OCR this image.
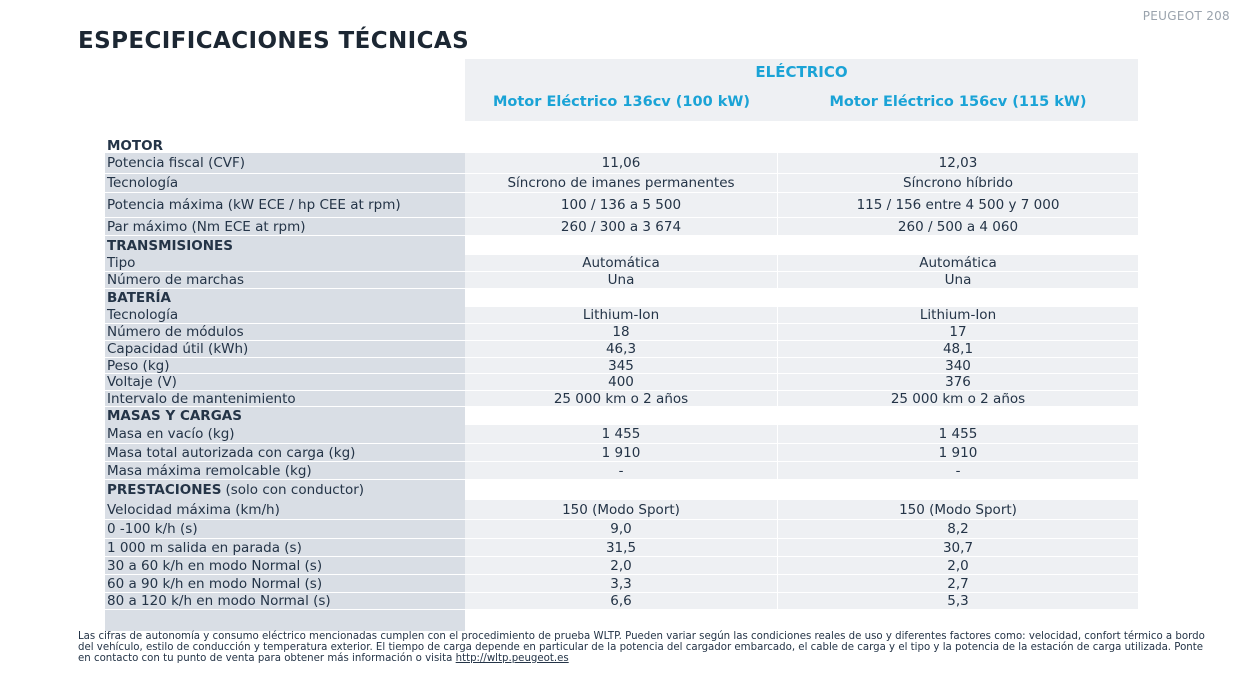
PEUGEOT 208
ESPECIFICACIONES TÉCNICAS
ELÉCTRICO
Motor Eléctrico 136cv (100 kW)	Motor Eléctrico 156cv (115 kW)
MOTOR
Potencia fiscal (CVF)	11,06	12,03
Tecnología	Síncrono de imanes permanentes	Síncrono híbrido
Potencia máxima (kW ECE / hp CEE at rpm)	100 / 136 a 5 500	115 / 156 entre 4 500 y 7 000
Par máximo (Nm ECE at rpm)	260 / 300 a 3 674	260 / 500 a 4 060
TRANSMISIONES
Tipo	Automática	Automática
Número de marchas	Una	Una
BATERÍA
Tecnología	Lithium-Ion	Lithium-Ion
Número de módulos	18	17
Capacidad útil (kWh)	46,3	48,1
Peso (kg)	345	340
Voltaje (V)	400	376
Intervalo de mantenimiento	25 000 km o 2 años	25 000 km o 2 años
MASAS Y CARGAS
Masa en vacío (kg)	1 455	1 455
Masa total autorizada con carga (kg)	1 910	1 910
Masa máxima remolcable (kg)	-	-
PRESTACIONES (solo con conductor)
Velocidad máxima (km/h)	150 (Modo Sport)	150 (Modo Sport)
0 -100 k/h (s)	9,0	8,2
1 000 m salida en parada (s)	31,5	30,7
30 a 60 k/h en modo Normal (s)	2,0	2,0
60 a 90 k/h en modo Normal (s)	3,3	2,7
80 a 120 k/h en modo Normal (s)	6,6	5,3
Las cifras de autonomía y consumo eléctrico mencionadas cumplen con el procedimiento de prueba WLTP. Pueden variar según las condiciones reales de uso y diferentes factores como: velocidad, confort térmico a bordo del vehículo, estilo de conducción y temperatura exterior. El tiempo de carga depende en particular de la potencia del cargador embarcado, el cable de carga y el tipo y la potencia de la estación de carga utilizada. Ponte en contacto con tu punto de venta para obtener más información o visita http://wltp.peugeot.es
